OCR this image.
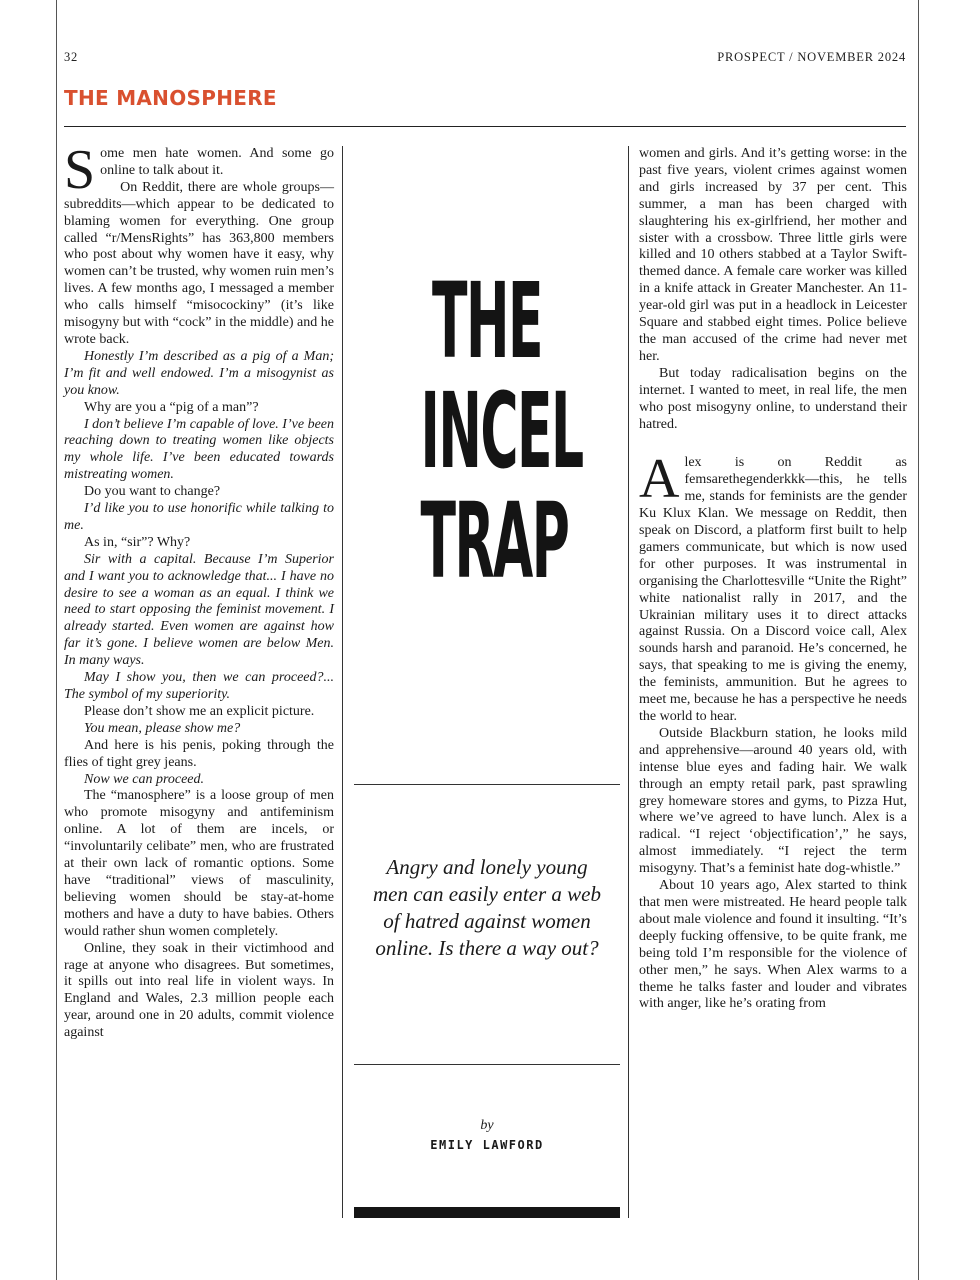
32	PROSPECT / NOVEMBER 2024
THE MANOSPHERE

Some men hate women. And some go online to talk about it.

On Reddit, there are whole groups—subreddits—which appear to be dedicated to blaming women for everything. One group called “r/MensRights” has 363,800 members who post about why women have it easy, why women can’t be trusted, why women ruin men’s lives. A few months ago, I messaged a member who calls himself “misocockiny” (it’s like misogyny but with “cock” in the middle) and he wrote back.

Honestly I’m described as a pig of a Man; I’m fit and well endowed. I’m a misogynist as you know.

Why are you a “pig of a man”?

I don’t believe I’m capable of love. I’ve been reaching down to treating women like objects my whole life. I’ve been educated towards mistreating women.

Do you want to change?

I’d like you to use honorific while talking to me.

As in, “sir”? Why?

Sir with a capital. Because I’m Superior and I want you to acknowledge that... I have no desire to see a woman as an equal. I think we need to start opposing the feminist movement. I already started. Even women are against how far it’s gone. I believe women are below Men. In many ways.

May I show you, then we can proceed?... The symbol of my superiority.

Please don’t show me an explicit picture.

You mean, please show me?

And here is his penis, poking through the flies of tight grey jeans.

Now we can proceed.

The “manosphere” is a loose group of men who promote misogyny and antifeminism online. A lot of them are incels, or “involuntarily celibate” men, who are frustrated at their own lack of romantic options. Some have “traditional” views of masculinity, believing women should be stay-at-home mothers and have a duty to have babies. Others would rather shun women completely.

Online, they soak in their victimhood and rage at anyone who disagrees. But sometimes, it spills out into real life in violent ways. In England and Wales, 2.3 million people each year, around one in 20 adults, commit violence against

THE
INCEL
TRAP
Angry and lonely young men can easily enter a web of hatred against women online. Is there a way out?
by
EMILY LAWFORD

women and girls. And it’s getting worse: in the past five years, violent crimes against women and girls increased by 37 per cent. This summer, a man has been charged with slaughtering his ex-girlfriend, her mother and sister with a crossbow. Three little girls were killed and 10 others stabbed at a Taylor Swift-themed dance. A female care worker was killed in a knife attack in Greater Manchester. An 11-year-old girl was put in a headlock in Leicester Square and stabbed eight times. Police believe the man accused of the crime had never met her.

But today radicalisation begins on the internet. I wanted to meet, in real life, the men who post misogyny online, to understand their hatred.

Alex is on Reddit as femsarethegenderkkk—this, he tells me, stands for feminists are the gender Ku Klux Klan. We message on Reddit, then speak on Discord, a platform first built to help gamers communicate, but which is now used for other purposes. It was instrumental in organising the Charlottesville “Unite the Right” white nationalist rally in 2017, and the Ukrainian military uses it to direct attacks against Russia. On a Discord voice call, Alex sounds harsh and paranoid. He’s concerned, he says, that speaking to me is giving the enemy, the feminists, ammunition. But he agrees to meet me, because he has a perspective he needs the world to hear.

Outside Blackburn station, he looks mild and apprehensive—around 40 years old, with intense blue eyes and fading hair. We walk through an empty retail park, past sprawling grey homeware stores and gyms, to Pizza Hut, where we’ve agreed to have lunch. Alex is a radical. “I reject ‘objectification’,” he says, almost immediately. “I reject the term misogyny. That’s a feminist hate dog-whistle.”

About 10 years ago, Alex started to think that men were mistreated. He heard people talk about male violence and found it insulting. “It’s deeply fucking offensive, to be quite frank, me being told I’m responsible for the violence of other men,” he says. When Alex warms to a theme he talks faster and louder and vibrates with anger, like he’s orating from
